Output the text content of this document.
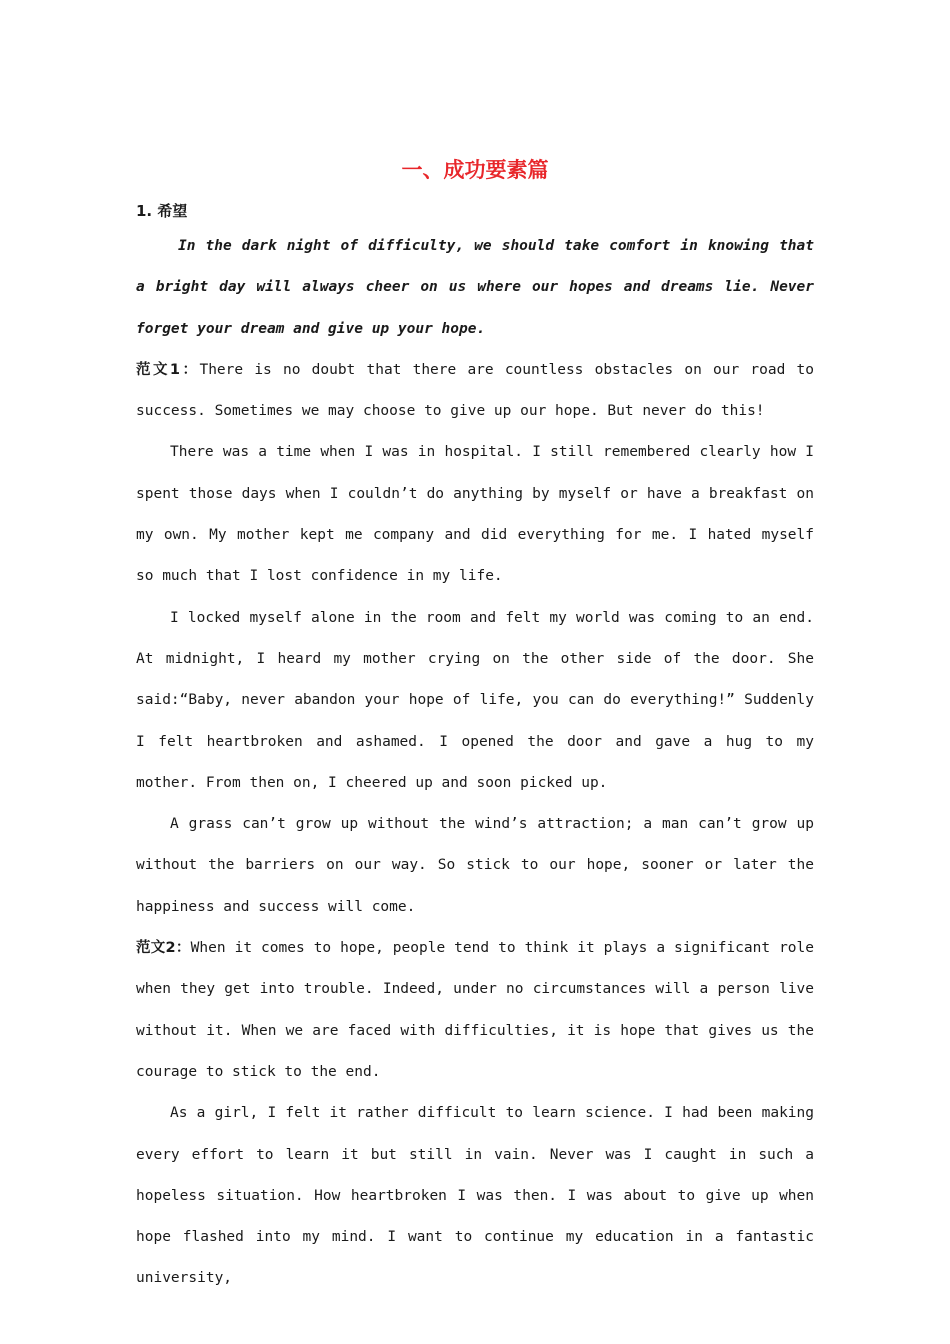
一、成功要素篇
1. 希望

In the dark night of difficulty, we should take comfort in knowing that a bright day will always cheer on us where our hopes and dreams lie. Never forget your dream and give up your hope.

范文1：There is no doubt that there are countless obstacles on our road to success. Sometimes we may choose to give up our hope. But never do this!

There was a time when I was in hospital. I still remembered clearly how I spent those days when I couldn’t do anything by myself or have a breakfast on my own. My mother kept me company and did everything for me. I hated myself so much that I lost confidence in my life.

I locked myself alone in the room and felt my world was coming to an end. At midnight, I heard my mother crying on the other side of the door. She said:“Baby, never abandon your hope of life, you can do everything!” Suddenly I felt heartbroken and ashamed. I opened the door and gave a hug to my mother. From then on, I cheered up and soon picked up.

A grass can’t grow up without the wind’s attraction; a man can’t grow up without the barriers on our way. So stick to our hope, sooner or later the happiness and success will come.

范文2：When it comes to hope, people tend to think it plays a significant role when they get into trouble. Indeed, under no circumstances will a person live without it. When we are faced with difficulties, it is hope that gives us the courage to stick to the end.

As a girl, I felt it rather difficult to learn science. I had been making every effort to learn it but still in vain. Never was I caught in such a hopeless situation. How heartbroken I was then. I was about to give up when hope flashed into my mind. I want to continue my education in a fantastic university,
